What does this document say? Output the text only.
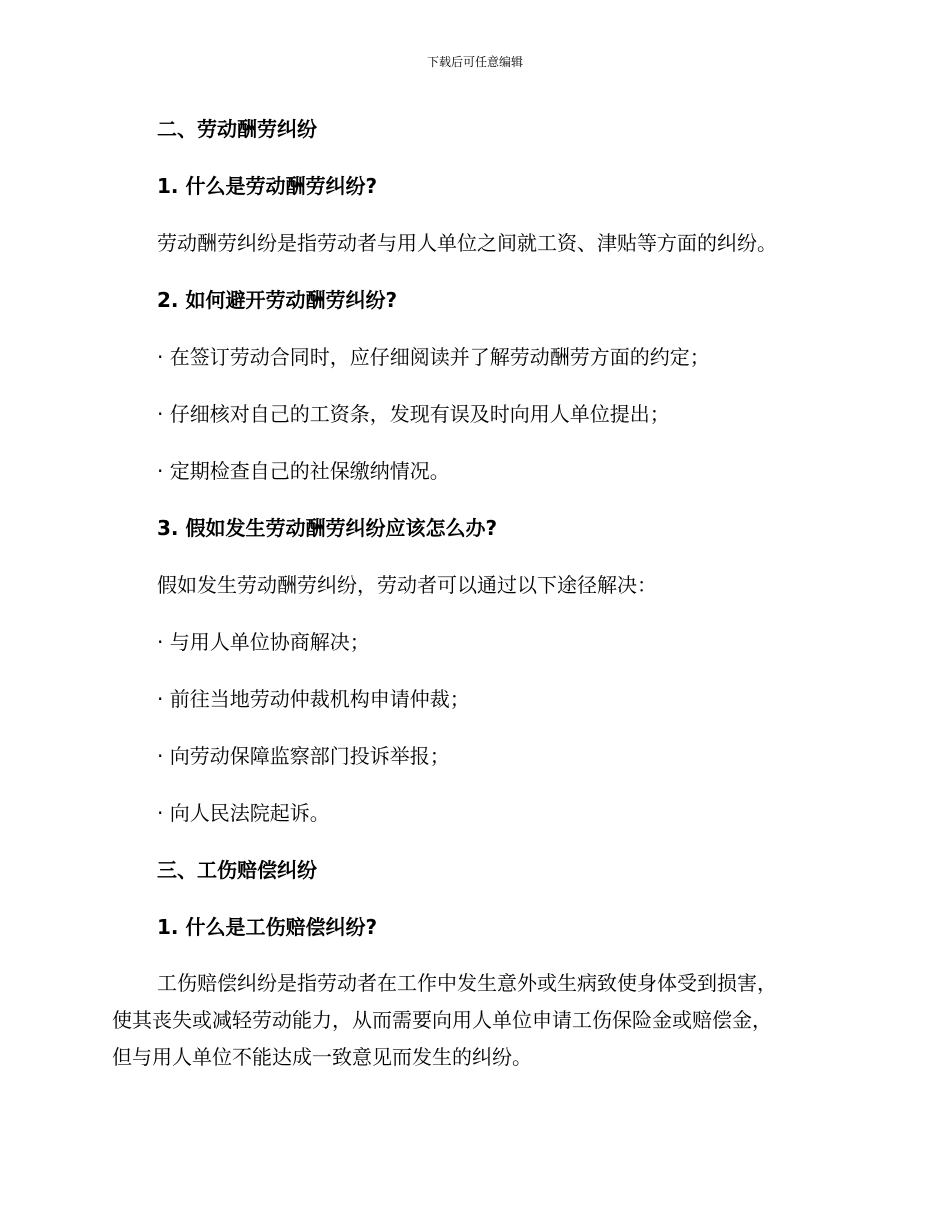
下载后可任意编辑

二、劳动酬劳纠纷

1. 什么是劳动酬劳纠纷?

劳动酬劳纠纷是指劳动者与用人单位之间就工资、津贴等方面的纠纷。

2. 如何避开劳动酬劳纠纷?

· 在签订劳动合同时，应仔细阅读并了解劳动酬劳方面的约定；

· 仔细核对自己的工资条，发现有误及时向用人单位提出；

· 定期检查自己的社保缴纳情况。

3. 假如发生劳动酬劳纠纷应该怎么办?

假如发生劳动酬劳纠纷，劳动者可以通过以下途径解决：

· 与用人单位协商解决；

· 前往当地劳动仲裁机构申请仲裁；

· 向劳动保障监察部门投诉举报；

· 向人民法院起诉。

三、工伤赔偿纠纷

1. 什么是工伤赔偿纠纷?

工伤赔偿纠纷是指劳动者在工作中发生意外或生病致使身体受到损害，
使其丧失或减轻劳动能力，从而需要向用人单位申请工伤保险金或赔偿金，
但与用人单位不能达成一致意见而发生的纠纷。
